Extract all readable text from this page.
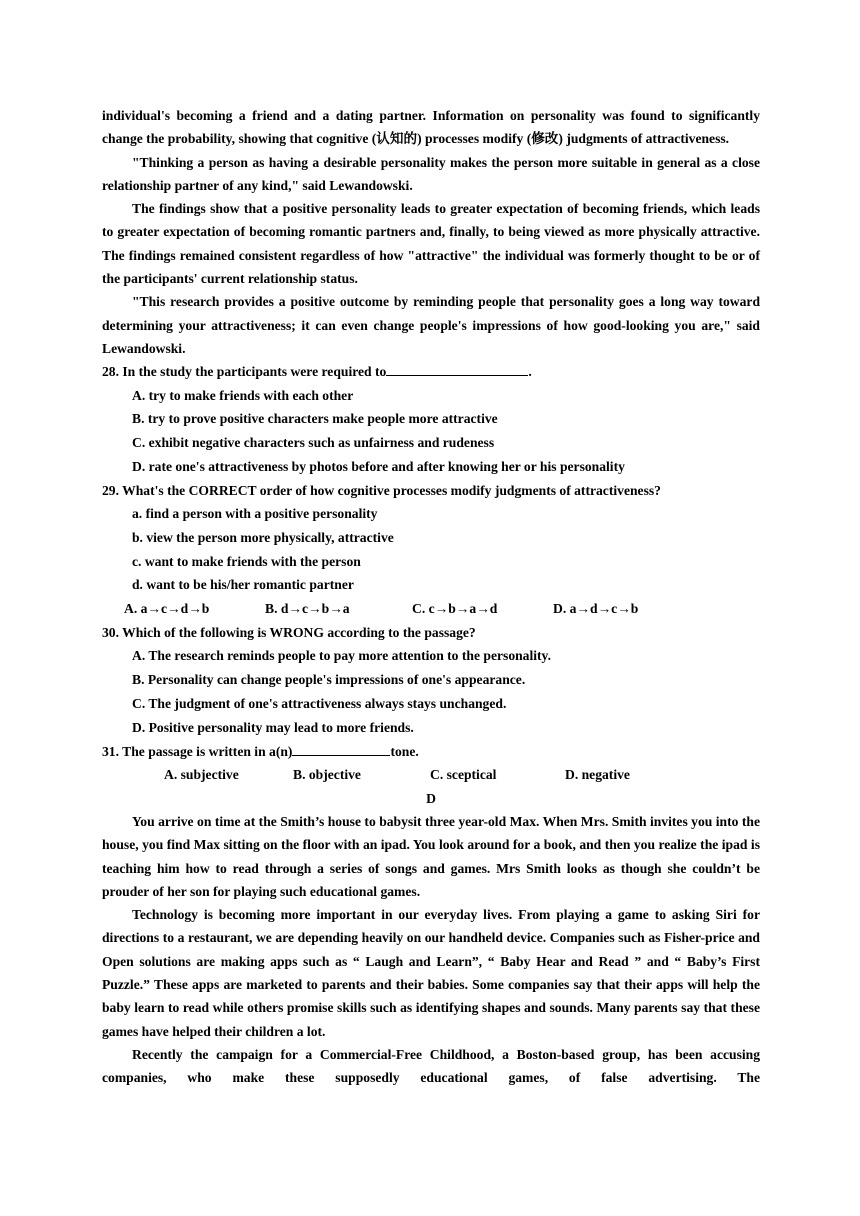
individual's becoming a friend and a dating partner. Information on personality was found to significantly change the probability, showing that cognitive (认知的) processes modify (修改) judgments of attractiveness.

"Thinking a person as having a desirable personality makes the person more suitable in general as a close relationship partner of any kind," said Lewandowski.

The findings show that a positive personality leads to greater expectation of becoming friends, which leads to greater expectation of becoming romantic partners and, finally, to being viewed as more physically attractive. The findings remained consistent regardless of how "attractive" the individual was formerly thought to be or of the participants' current relationship status.

"This research provides a positive outcome by reminding people that personality goes a long way toward determining your attractiveness; it can even change people's impressions of how good-looking you are," said Lewandowski.

28. In the study the participants were required to	.
A. try to make friends with each other
B. try to prove positive characters make people more attractive
C. exhibit negative characters such as unfairness and rudeness
D. rate one's attractiveness by photos before and after knowing her or his personality
29. What's the CORRECT order of how cognitive processes modify judgments of attractiveness?
a. find a person with a positive personality
b. view the person more physically, attractive
c. want to make friends with the person
d. want to be his/her romantic partner
A. a→c→d→b	B. d→c→b→a	C. c→b→a→d	D. a→d→c→b
30. Which of the following is WRONG according to the passage?
A. The research reminds people to pay more attention to the personality.
B. Personality can change people's impressions of one's appearance.
C. The judgment of one's attractiveness always stays unchanged.
D. Positive personality may lead to more friends.
31. The passage is written in a(n)	tone.
A. subjective	B. objective	C. sceptical	D. negative
D

You arrive on time at the Smith’s house to babysit three year-old Max. When Mrs. Smith invites you into the house, you find Max sitting on the floor with an ipad. You look around for a book, and then you realize the ipad is teaching him how to read through a series of songs and games. Mrs Smith looks as though she couldn’t be prouder of her son for playing such educational games.

Technology is becoming more important in our everyday lives. From playing a game to asking Siri for directions to a restaurant, we are depending heavily on our handheld device. Companies such as Fisher-price and Open solutions are making apps such as “ Laugh and Learn”, “ Baby Hear and Read ” and “ Baby’s First Puzzle.” These apps are marketed to parents and their babies. Some companies say that their apps will help the baby learn to read while others promise skills such as identifying shapes and sounds. Many parents say that these games have helped their children a lot.

Recently the campaign for a Commercial-Free Childhood, a Boston-based group, has been accusing companies, who make these supposedly educational games, of false advertising. The
